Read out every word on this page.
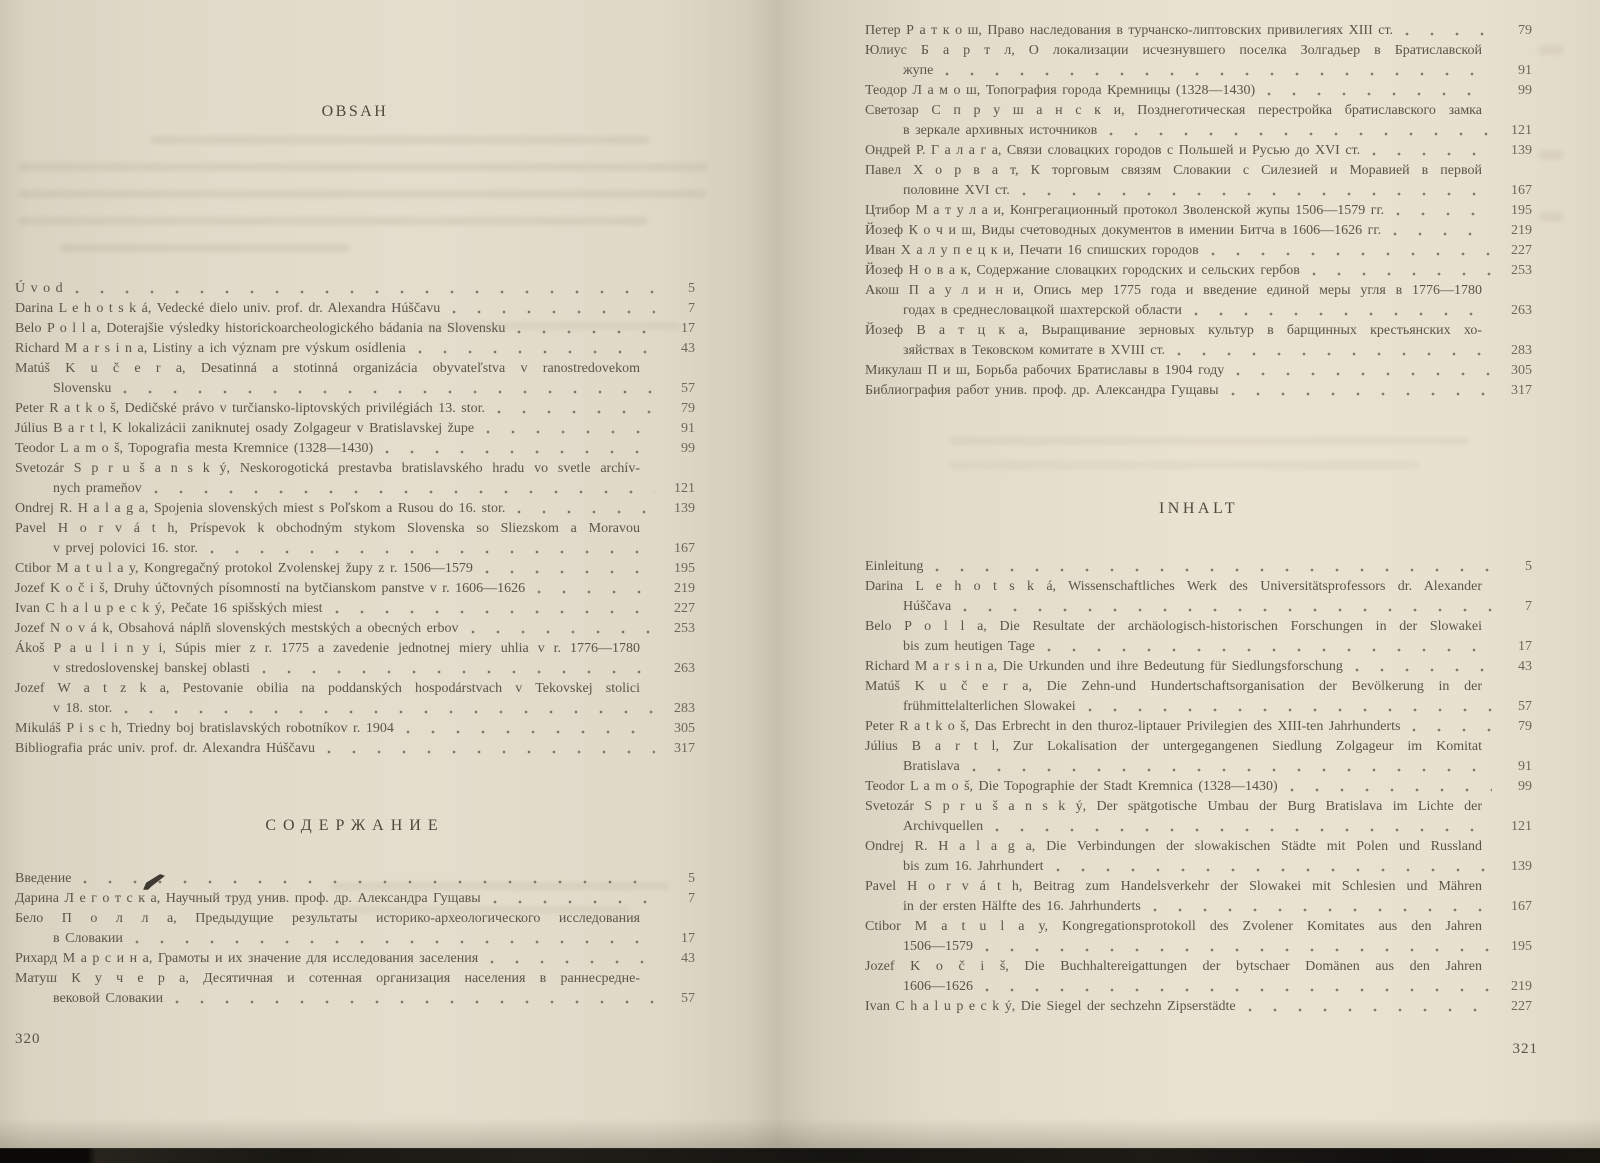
OBSAH
Ú v o d	5
Darina L e h o t s k á, Vedecké dielo univ. prof. dr. Alexandra Húščavu	7
Belo P o l l a, Doterajšie výsledky historickoarcheologického bádania na Slovensku	17
Richard M a r s i n a, Listiny a ich význam pre výskum osídlenia	43
Matúš K u č e r a, Desatinná a stotinná organizácia obyvateľstva v ranostredovekom
Slovensku	57
Peter R a t k o š, Dedičské právo v turčiansko-liptovských privilégiách 13. stor.	79
Július B a r t l, K lokalizácii zaniknutej osady Zolgageur v Bratislavskej župe	91
Teodor L a m o š, Topografia mesta Kremnice (1328—1430)	99
Svetozár S p r u š a n s k ý, Neskorogotická prestavba bratislavského hradu vo svetle archív-
nych prameňov	121
Ondrej R. H a l a g a, Spojenia slovenských miest s Poľskom a Rusou do 16. stor.	139
Pavel H o r v á t h, Príspevok k obchodným stykom Slovenska so Sliezskom a Moravou
v prvej polovici 16. stor.	167
Ctibor M a t u l a y, Kongregačný protokol Zvolenskej župy z r. 1506—1579	195
Jozef K o č i š, Druhy účtovných písomností na bytčianskom panstve v r. 1606—1626	219
Ivan C h a l u p e c k ý, Pečate 16 spišských miest	227
Jozef N o v á k, Obsahová náplň slovenských mestských a obecných erbov	253
Ákoš P a u l i n y i, Súpis mier z r. 1775 a zavedenie jednotnej miery uhlia v r. 1776—1780
v stredoslovenskej banskej oblasti	263
Jozef W a t z k a, Pestovanie obilia na poddanských hospodárstvach v Tekovskej stolici
v 18. stor.	283
Mikuláš P i s c h, Triedny boj bratislavských robotníkov r. 1904	305
Bibliografia prác univ. prof. dr. Alexandra Húščavu	317
СОДЕРЖАНИЕ
Введение	5
Дарина Л е г о т с к а, Научный труд унив. проф. др. Александра Гущавы	7
Бело П о л л а, Предыдущие результаты историко-археологического исследования
в Словакии	17
Рихард М а р с и н а, Грамоты и их значение для исследования заселения	43
Матуш К у ч е р а, Десятичная и сотенная организация населения в раннесредне-
вековой Словакии	57
320
Петер Р а т к о ш, Право наследования в турчанско-липтовских привилегиях XIII ст.	79
Юлиус Б а р т л, О локализации исчезнувшего поселка Золгадьер в Братиславской
жупе	91
Теодор Л а м о ш, Топография города Кремницы (1328—1430)	99
Светозар С п р у ш а н с к и, Позднеготическая перестройка братиславского замка
в зеркале архивных источников	121
Ондрей Р. Г а л а г а, Связи словацких городов с Польшей и Русью до XVI ст.	139
Павел Х о р в а т, К торговым связям Словакии с Силезией и Моравией в первой
половине XVI ст.	167
Цтибор М а т у л а и, Конгрегационный протокол Зволенской жупы 1506—1579 гг.	195
Йозеф К о ч и ш, Виды счетоводных документов в имении Битча в 1606—1626 гг.	219
Иван Х а л у п е ц к и, Печати 16 спишских городов	227
Йозеф Н о в а к, Содержание словацких городских и сельских гербов	253
Акош П а у л и н и, Опись мер 1775 года и введение единой меры угля в 1776—1780
годах в среднесловацкой шахтерской области	263
Йозеф В а т ц к а, Выращивание зерновых культур в барщинных крестьянских хо-
зяйствах в Тековском комитате в XVIII ст.	283
Микулаш П и ш, Борьба рабочих Братиславы в 1904 году	305
Библиография работ унив. проф. др. Александра Гущавы	317
INHALT
Einleitung	5
Darina L e h o t s k á, Wissenschaftliches Werk des Universitätsprofessors dr. Alexander
Húščava	7
Belo P o l l a, Die Resultate der archäologisch-historischen Forschungen in der Slowakei
bis zum heutigen Tage	17
Richard M a r s i n a, Die Urkunden und ihre Bedeutung für Siedlungsforschung	43
Matúš K u č e r a, Die Zehn-und Hundertschaftsorganisation der Bevölkerung in der
frühmittelalterlichen Slowakei	57
Peter R a t k o š, Das Erbrecht in den thuroz-liptauer Privilegien des XIII-ten Jahrhunderts	79
Július B a r t l, Zur Lokalisation der untergegangenen Siedlung Zolgageur im Komitat
Bratislava	91
Teodor L a m o š, Die Topographie der Stadt Kremnica (1328—1430)	99
Svetozár S p r u š a n s k ý, Der spätgotische Umbau der Burg Bratislava im Lichte der
Archivquellen	121
Ondrej R. H a l a g a, Die Verbindungen der slowakischen Städte mit Polen und Russland
bis zum 16. Jahrhundert	139
Pavel H o r v á t h, Beitrag zum Handelsverkehr der Slowakei mit Schlesien und Mähren
in der ersten Hälfte des 16. Jahrhunderts	167
Ctibor M a t u l a y, Kongregationsprotokoll des Zvolener Komitates aus den Jahren
1506—1579	195
Jozef K o č i š, Die Buchhaltereigattungen der bytschaer Domänen aus den Jahren
1606—1626	219
Ivan C h a l u p e c k ý, Die Siegel der sechzehn Zipserstädte	227
321
